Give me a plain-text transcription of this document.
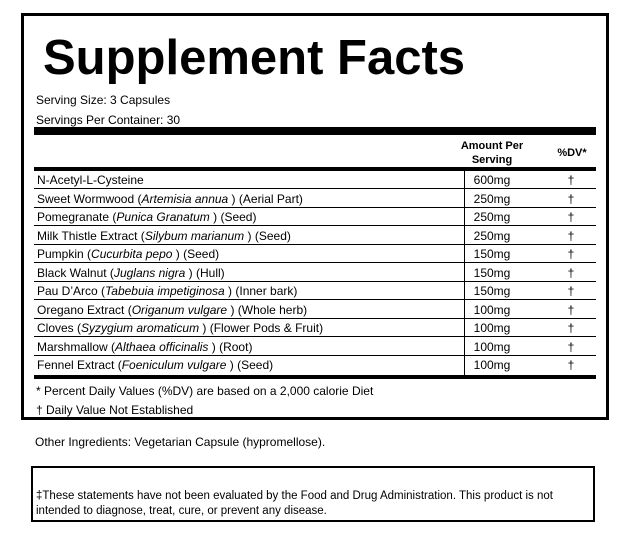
Supplement Facts
Serving Size: 3 Capsules
Servings Per Container: 30
Amount Per
Serving
%DV*
N-Acetyl-L-Cysteine	600mg	†
Sweet Wormwood (Artemisia annua ) (Aerial Part)	250mg	†
Pomegranate (Punica Granatum ) (Seed)	250mg	†
Milk Thistle Extract (Silybum marianum ) (Seed)	250mg	†
Pumpkin (Cucurbita pepo ) (Seed)	150mg	†
Black Walnut (Juglans nigra ) (Hull)	150mg	†
Pau D’Arco (Tabebuia impetiginosa ) (Inner bark)	150mg	†
Oregano Extract (Origanum vulgare ) (Whole herb)	100mg	†
Cloves (Syzygium aromaticum ) (Flower Pods & Fruit)	100mg	†
Marshmallow (Althaea officinalis ) (Root)	100mg	†
Fennel Extract (Foeniculum vulgare ) (Seed)	100mg	†
* Percent Daily Values (%DV) are based on a 2,000 calorie Diet
† Daily Value Not Established
Other Ingredients: Vegetarian Capsule (hypromellose).

‡These statements have not been evaluated by the Food and Drug Administration. This product is not intended to diagnose, treat, cure, or prevent any disease.
